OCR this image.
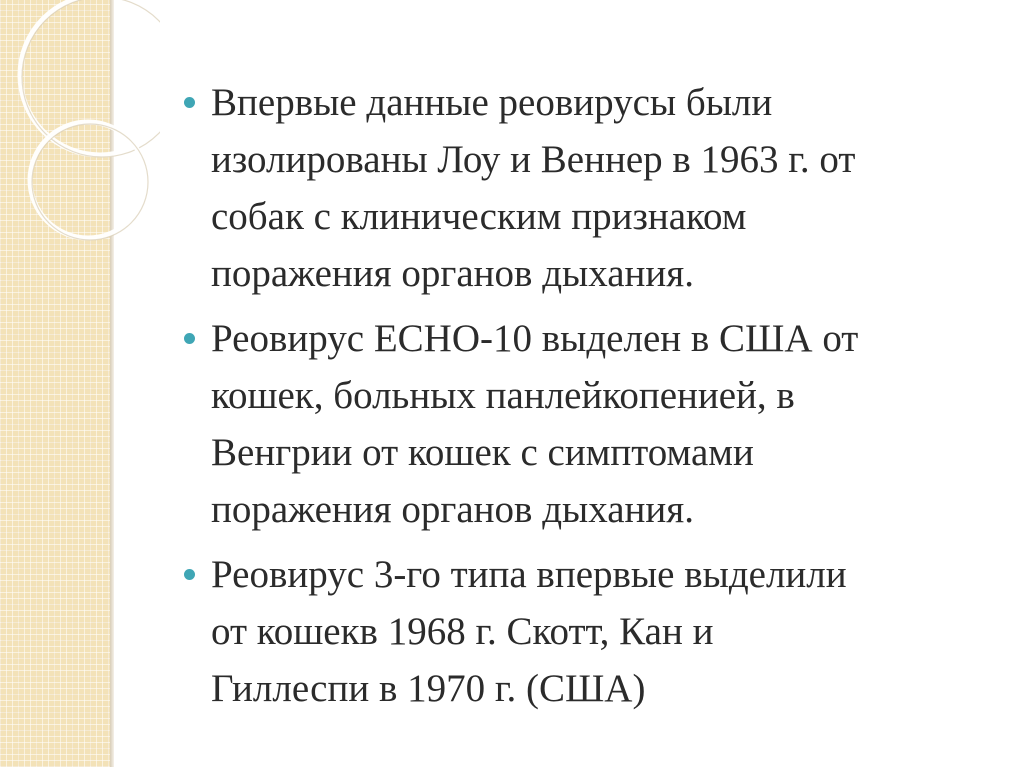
Впервые данные реовирусы были
изолированы Лоу и Веннер в 1963 г. от
собак с клиническим признаком
поражения органов дыхания.
Реовирус ЕСНО-10 выделен в США от
кошек, больных панлейкопенией, в
Венгрии от кошек с симптомами
поражения органов дыхания.
Реовирус 3-го типа впервые выделили
от кошекв 1968 г. Скотт, Кан и
Гиллеспи в 1970 г. (США)
